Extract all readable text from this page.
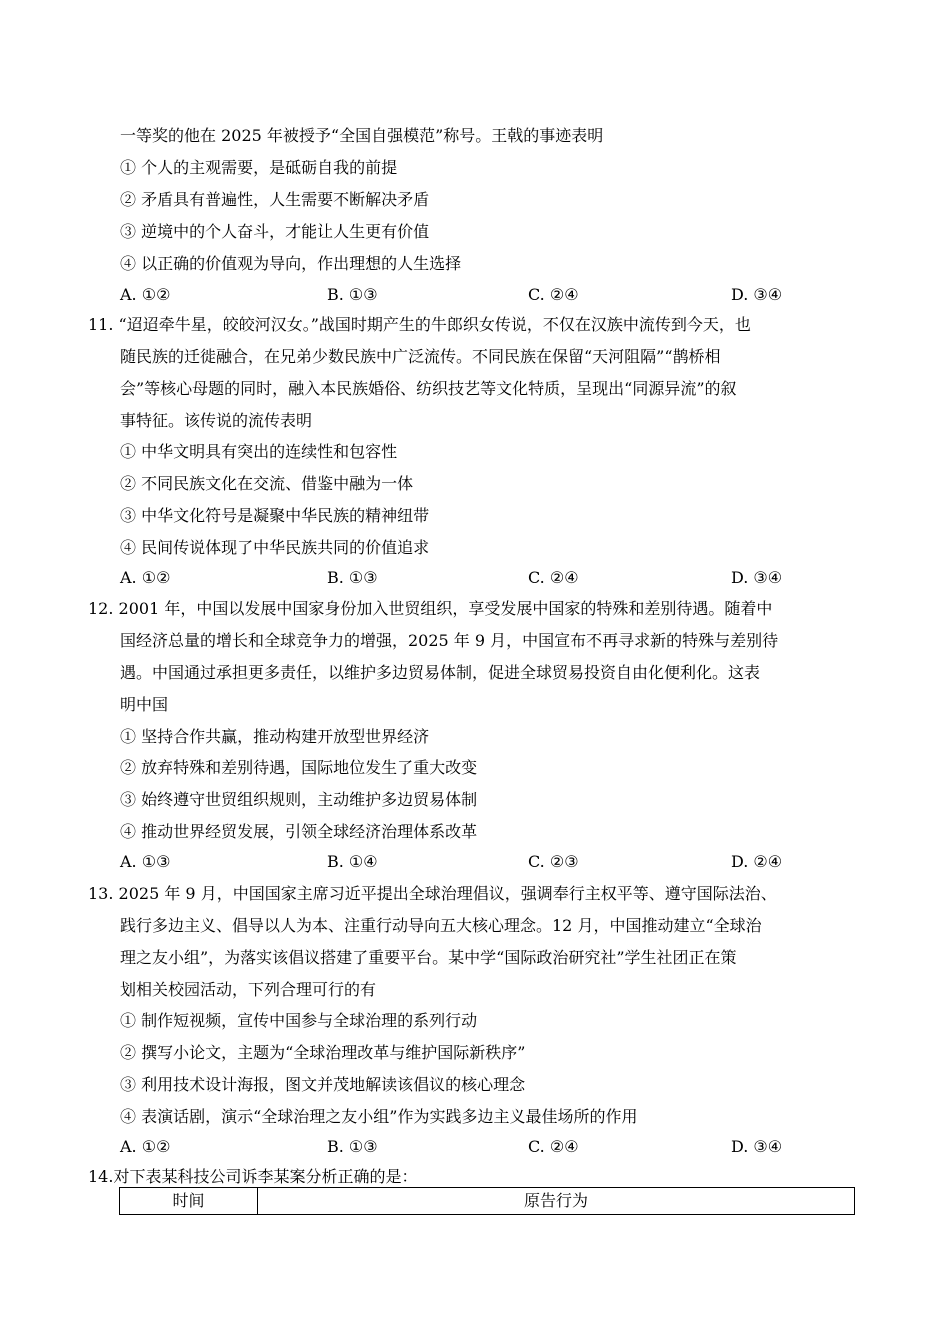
一等奖的他在 2025 年被授予“全国自强模范”称号。王戟的事迹表明
① 个人的主观需要，是砥砺自我的前提
② 矛盾具有普遍性，人生需要不断解决矛盾
③ 逆境中的个人奋斗，才能让人生更有价值
④ 以正确的价值观为导向，作出理想的人生选择
A. ①②	B. ①③	C. ②④	D. ③④
11. “迢迢牵牛星，皎皎河汉女。”战国时期产生的牛郎织女传说，不仅在汉族中流传到今天，也
随民族的迁徙融合，在兄弟少数民族中广泛流传。不同民族在保留“天河阻隔”“鹊桥相
会”等核心母题的同时，融入本民族婚俗、纺织技艺等文化特质，呈现出“同源异流”的叙
事特征。该传说的流传表明
① 中华文明具有突出的连续性和包容性
② 不同民族文化在交流、借鉴中融为一体
③ 中华文化符号是凝聚中华民族的精神纽带
④ 民间传说体现了中华民族共同的价值追求
A. ①②	B. ①③	C. ②④	D. ③④
12. 2001 年，中国以发展中国家身份加入世贸组织，享受发展中国家的特殊和差别待遇。随着中
国经济总量的增长和全球竞争力的增强，2025 年 9 月，中国宣布不再寻求新的特殊与差别待
遇。中国通过承担更多责任，以维护多边贸易体制，促进全球贸易投资自由化便利化。这表
明中国
① 坚持合作共赢，推动构建开放型世界经济
② 放弃特殊和差别待遇，国际地位发生了重大改变
③ 始终遵守世贸组织规则，主动维护多边贸易体制
④ 推动世界经贸发展，引领全球经济治理体系改革
A. ①③	B. ①④	C. ②③	D. ②④
13. 2025 年 9 月，中国国家主席习近平提出全球治理倡议，强调奉行主权平等、遵守国际法治、
践行多边主义、倡导以人为本、注重行动导向五大核心理念。12 月，中国推动建立“全球治
理之友小组”，为落实该倡议搭建了重要平台。某中学“国际政治研究社”学生社团正在策
划相关校园活动，下列合理可行的有
① 制作短视频，宣传中国参与全球治理的系列行动
② 撰写小论文，主题为“全球治理改革与维护国际新秩序”
③ 利用技术设计海报，图文并茂地解读该倡议的核心理念
④ 表演话剧，演示“全球治理之友小组”作为实践多边主义最佳场所的作用
A. ①②	B. ①③	C. ②④	D. ③④
14.对下表某科技公司诉李某案分析正确的是：
时间	原告行为
